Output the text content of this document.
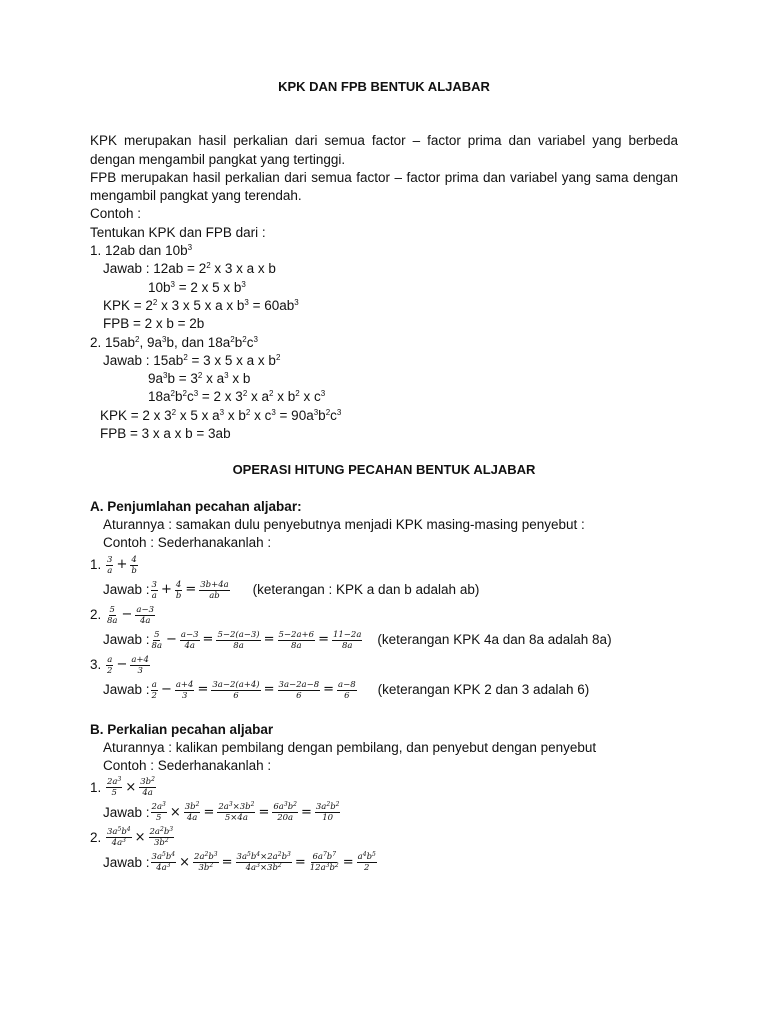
KPK DAN FPB BENTUK ALJABAR

KPK merupakan hasil perkalian dari semua factor – factor prima dan variabel yang berbeda dengan mengambil pangkat yang tertinggi.

FPB merupakan hasil perkalian dari semua factor – factor prima dan variabel yang sama dengan mengambil pangkat yang terendah.

Contoh :

Tentukan KPK dan FPB dari :

1. 12ab dan $10b^3$

Jawab : $12ab = 2^2$ x 3 x a x b

$10b^3 = 2$ x 5 x $b^3$

KPK = $2^2$ x 3 x 5 x a x $b^3 = 60ab^3$

FPB = 2 x b = 2b

2. $15ab^2$, $9a^3b$, dan $18a^2b^2c^3$

Jawab : $15ab^2 = 3$ x 5 x a x $b^2$

$9a^3b = 3^2$ x $a^3$ x b

$18a^2b^2c^3 = 2$ x $3^2$ x $a^2$ x $b^2$ x $c^3$

KPK = 2 x $3^2$ x 5 x $a^3$ x $b^2$ x $c^3 = 90a^3b^2c^3$

FPB = 3 x a x b = 3ab

OPERASI HITUNG PECAHAN BENTUK ALJABAR

A. Penjumlahan pecahan aljabar:

Aturannya : samakan dulu penyebutnya menjadi KPK masing-masing penyebut :

Contoh : Sederhanakanlah :

1. $\frac{3}{a} + \frac{4}{b}$
Jawab : $\frac{3}{a} + \frac{4}{b} = \frac{3b+4a}{ab}$ (keterangan : KPK a dan b adalah ab)
2. $\frac{5}{8a} - \frac{a-3}{4a}$
Jawab : $\frac{5}{8a} - \frac{a-3}{4a} = \frac{5-2(a-3)}{8a} = \frac{5-2a+6}{8a} = \frac{11-2a}{8a}$ (keterangan KPK 4a dan 8a adalah 8a)
3. $\frac{a}{2} - \frac{a+4}{3}$
Jawab : $\frac{a}{2} - \frac{a+4}{3} = \frac{3a-2(a+4)}{6} = \frac{3a-2a-8}{6} = \frac{a-8}{6}$ (keterangan KPK 2 dan 3 adalah 6)

B. Perkalian pecahan aljabar

Aturannya : kalikan pembilang dengan pembilang, dan penyebut dengan penyebut

Contoh : Sederhanakanlah :

1. $\frac{2a^3}{5} \times \frac{3b^2}{4a}$
Jawab : $\frac{2a^3}{5} \times \frac{3b^2}{4a} = \frac{2a^3\times 3b^2}{5\times 4a} = \frac{6a^3b^2}{20a} = \frac{3a^2b^2}{10}$
2. $\frac{3a^5b^4}{4a^3} \times \frac{2a^2b^3}{3b^2}$
Jawab : $\frac{3a^5b^4}{4a^3} \times \frac{2a^2b^3}{3b^2} = \frac{3a^5b^4\times 2a^2b^3}{4a^3\times 3b^2} = \frac{6a^7b^7}{12a^3b^2} = \frac{a^4b^5}{2}$
